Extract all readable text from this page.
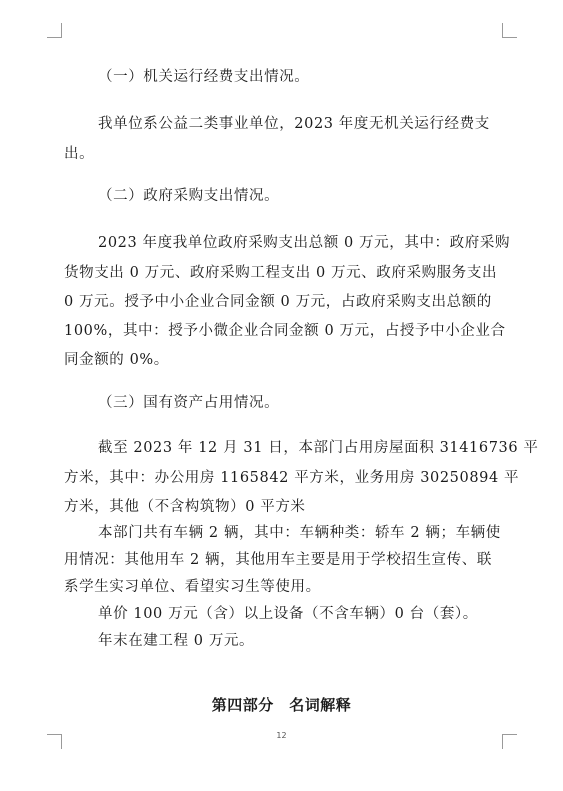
（一）机关运行经费支出情况。
我单位系公益二类事业单位，2023 年度无机关运行经费支
出。
（二）政府采购支出情况。
2023 年度我单位政府采购支出总额 0 万元，其中：政府采购
货物支出 0 万元、政府采购工程支出 0 万元、政府采购服务支出
0 万元。授予中小企业合同金额 0 万元，占政府采购支出总额的
100%，其中：授予小微企业合同金额 0 万元，占授予中小企业合
同金额的 0%。
（三）国有资产占用情况。
截至 2023 年 12 月 31 日，本部门占用房屋面积 31416736 平
方米，其中：办公用房 1165842 平方米，业务用房 30250894 平
方米，其他（不含构筑物）0 平方米
本部门共有车辆 2 辆，其中：车辆种类：轿车 2 辆；车辆使
用情况：其他用车 2 辆，其他用车主要是用于学校招生宣传、联
系学生实习单位、看望实习生等使用。
单价 100 万元（含）以上设备（不含车辆）0 台（套）。
年末在建工程 0 万元。
第四部分　名词解释
12
